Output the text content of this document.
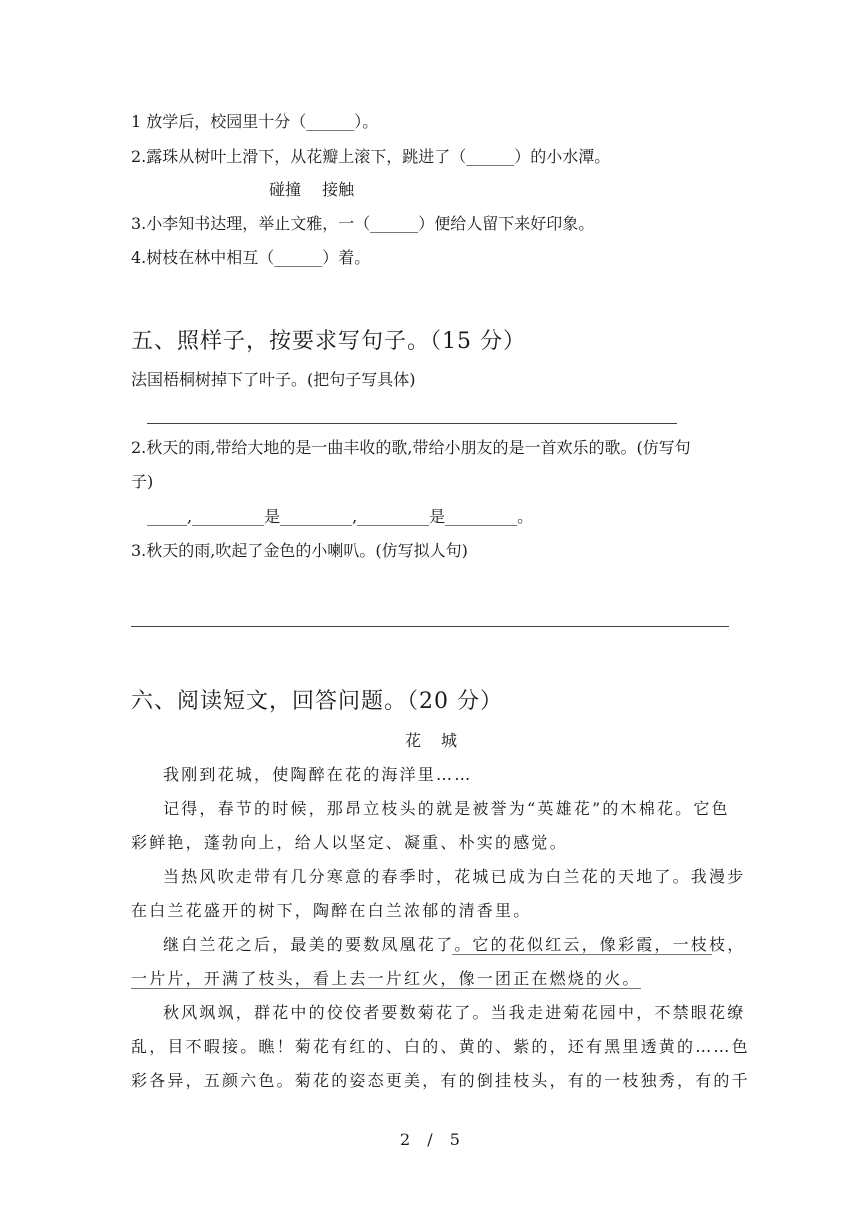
1 放学后，校园里十分（______）。
2.露珠从树叶上滑下，从花瓣上滚下，跳进了（______）的小水潭。
碰撞　 接触
3.小李知书达理，举止文雅，一（______）便给人留下来好印象。
4.树枝在林中相互（______）着。
五、照样子，按要求写句子。（15 分）
法国梧桐树掉下了叶子。(把句子写具体)
2.秋天的雨,带给大地的是一曲丰收的歌,带给小朋友的是一首欢乐的歌。(仿写句
子)
_____,_________是_________,_________是_________。
3.秋天的雨,吹起了金色的小喇叭。(仿写拟人句)
六、阅读短文，回答问题。（20 分）
花　城
我刚到花城，使陶醉在花的海洋里……
记得，春节的时候，那昂立枝头的就是被誉为“英雄花”的木棉花。它色
彩鲜艳，蓬勃向上，给人以坚定、凝重、朴实的感觉。
当热风吹走带有几分寒意的春季时，花城已成为白兰花的天地了。我漫步
在白兰花盛开的树下，陶醉在白兰浓郁的清香里。
继白兰花之后，最美的要数凤凰花了。它的花似红云，像彩霞，一枝枝，
一片片，开满了枝头，看上去一片红火，像一团正在燃烧的火。
秋风飒飒，群花中的佼佼者要数菊花了。当我走进菊花园中，不禁眼花缭
乱，目不暇接。瞧！菊花有红的、白的、黄的、紫的，还有黑里透黄的……色
彩各异，五颜六色。菊花的姿态更美，有的倒挂枝头，有的一枝独秀，有的千
2 / 5
